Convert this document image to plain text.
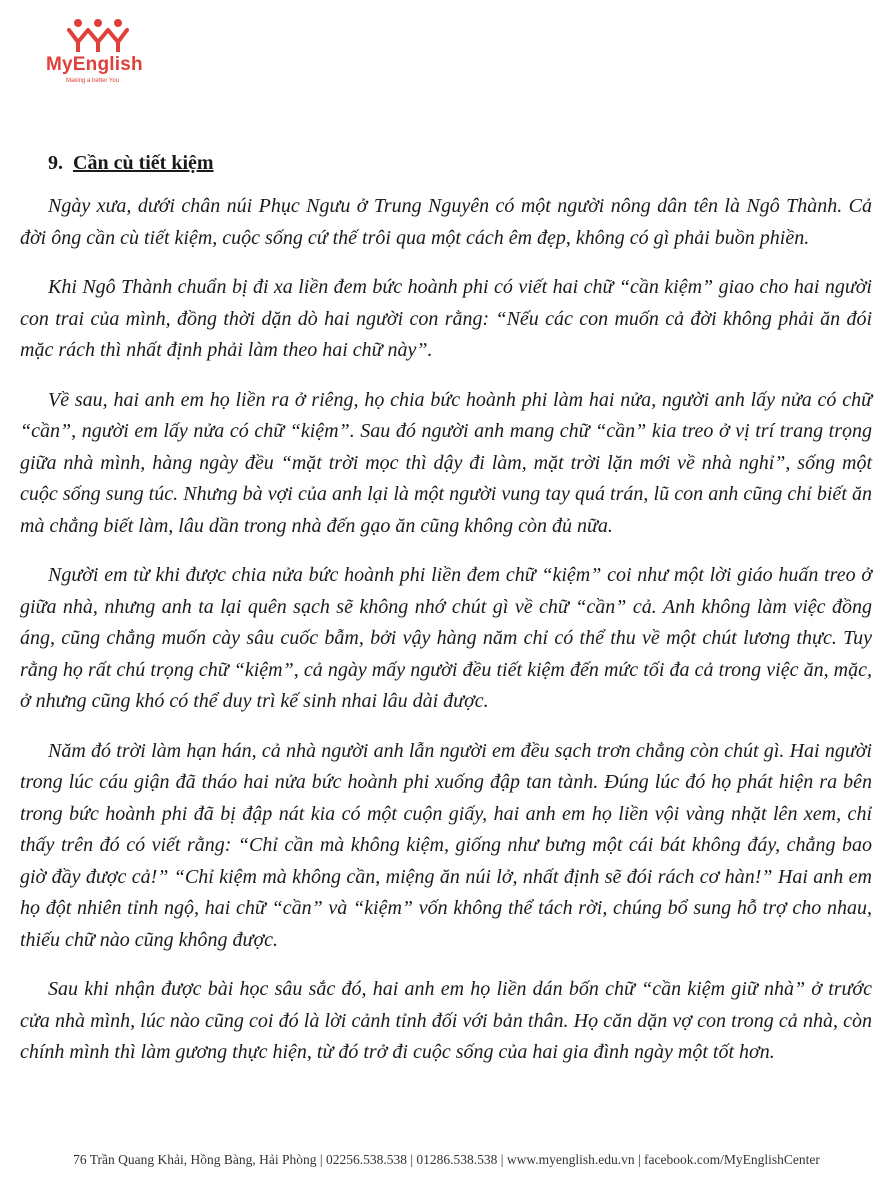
MyEnglish
Making a better You
9. Cần cù tiết kiệm

Ngày xưa, dưới chân núi Phục Ngưu ở Trung Nguyên có một người nông dân tên là Ngô Thành. Cả đời ông cần cù tiết kiệm, cuộc sống cứ thế trôi qua một cách êm đẹp, không có gì phải buồn phiền.

Khi Ngô Thành chuẩn bị đi xa liền đem bức hoành phi có viết hai chữ “cần kiệm” giao cho hai người con trai của mình, đồng thời dặn dò hai người con rằng: “Nếu các con muốn cả đời không phải ăn đói mặc rách thì nhất định phải làm theo hai chữ này”.

Về sau, hai anh em họ liền ra ở riêng, họ chia bức hoành phi làm hai nửa, người anh lấy nửa có chữ “cần”, người em lấy nửa có chữ “kiệm”. Sau đó người anh mang chữ “cần” kia treo ở vị trí trang trọng giữa nhà mình, hàng ngày đều “mặt trời mọc thì dậy đi làm, mặt trời lặn mới về nhà nghỉ”, sống một cuộc sống sung túc. Nhưng bà vợi của anh lại là một người vung tay quá trán, lũ con anh cũng chỉ biết ăn mà chẳng biết làm, lâu dần trong nhà đến gạo ăn cũng không còn đủ nữa.

Người em từ khi được chia nửa bức hoành phi liền đem chữ “kiệm” coi như một lời giáo huấn treo ở giữa nhà, nhưng anh ta lại quên sạch sẽ không nhớ chút gì về chữ “cần” cả. Anh không làm việc đồng áng, cũng chẳng muốn cày sâu cuốc bẫm, bởi vậy hàng năm chỉ có thể thu về một chút lương thực. Tuy rằng họ rất chú trọng chữ “kiệm”, cả ngày mấy người đều tiết kiệm đến mức tối đa cả trong việc ăn, mặc, ở nhưng cũng khó có thể duy trì kế sinh nhai lâu dài được.

Năm đó trời làm hạn hán, cả nhà người anh lẫn người em đều sạch trơn chẳng còn chút gì. Hai người trong lúc cáu giận đã tháo hai nửa bức hoành phi xuống đập tan tành. Đúng lúc đó họ phát hiện ra bên trong bức hoành phi đã bị đập nát kia có một cuộn giấy, hai anh em họ liền vội vàng nhặt lên xem, chỉ thấy trên đó có viết rằng: “Chỉ cần mà không kiệm, giống như bưng một cái bát không đáy, chẳng bao giờ đầy được cả!” “Chỉ kiệm mà không cần, miệng ăn núi lở, nhất định sẽ đói rách cơ hàn!” Hai anh em họ đột nhiên tỉnh ngộ, hai chữ “cần” và “kiệm” vốn không thể tách rời, chúng bổ sung hỗ trợ cho nhau, thiếu chữ nào cũng không được.

Sau khi nhận được bài học sâu sắc đó, hai anh em họ liền dán bốn chữ “cần kiệm giữ nhà” ở trước cửa nhà mình, lúc nào cũng coi đó là lời cảnh tỉnh đối với bản thân. Họ căn dặn vợ con trong cả nhà, còn chính mình thì làm gương thực hiện, từ đó trở đi cuộc sống của hai gia đình ngày một tốt hơn.

76 Trần Quang Khải, Hồng Bàng, Hải Phòng | 02256.538.538 | 01286.538.538 | www.myenglish.edu.vn | facebook.com/MyEnglishCenter
